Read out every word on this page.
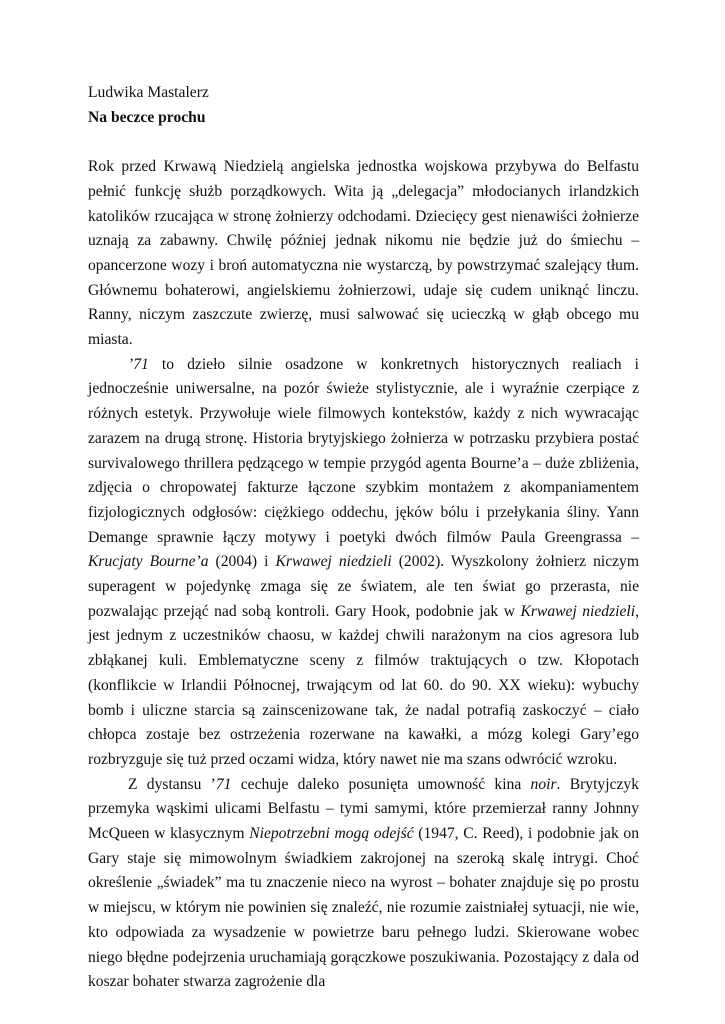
Ludwika Mastalerz

Na beczce prochu

Rok przed Krwawą Niedzielą angielska jednostka wojskowa przybywa do Belfastu pełnić funkcję służb porządkowych. Wita ją „delegacja” młodocianych irlandzkich katolików rzucająca w stronę żołnierzy odchodami. Dziecięcy gest nienawiści żołnierze uznają za zabawny. Chwilę później jednak nikomu nie będzie już do śmiechu – opancerzone wozy i broń automatyczna nie wystarczą, by powstrzymać szalejący tłum. Głównemu bohaterowi, angielskiemu żołnierzowi, udaje się cudem uniknąć linczu. Ranny, niczym zaszczute zwierzę, musi salwować się ucieczką w głąb obcego mu miasta.

’71 to dzieło silnie osadzone w konkretnych historycznych realiach i jednocześnie uniwersalne, na pozór świeże stylistycznie, ale i wyraźnie czerpiące z różnych estetyk. Przywołuje wiele filmowych kontekstów, każdy z nich wywracając zarazem na drugą stronę. Historia brytyjskiego żołnierza w potrzasku przybiera postać survivalowego thrillera pędzącego w tempie przygód agenta Bourne’a – duże zbliżenia, zdjęcia o chropowatej fakturze łączone szybkim montażem z akompaniamentem fizjologicznych odgłosów: ciężkiego oddechu, jęków bólu i przełykania śliny. Yann Demange sprawnie łączy motywy i poetyki dwóch filmów Paula Greengrassa – Krucjaty Bourne’a (2004) i Krwawej niedzieli (2002). Wyszkolony żołnierz niczym superagent w pojedynkę zmaga się ze światem, ale ten świat go przerasta, nie pozwalając przejąć nad sobą kontroli. Gary Hook, podobnie jak w Krwawej niedzieli, jest jednym z uczestników chaosu, w każdej chwili narażonym na cios agresora lub zbłąkanej kuli. Emblematyczne sceny z filmów traktujących o tzw. Kłopotach (konflikcie w Irlandii Północnej, trwającym od lat 60. do 90. XX wieku): wybuchy bomb i uliczne starcia są zainscenizowane tak, że nadal potrafią zaskoczyć – ciało chłopca zostaje bez ostrzeżenia rozerwane na kawałki, a mózg kolegi Gary’ego rozbryzguje się tuż przed oczami widza, który nawet nie ma szans odwrócić wzroku.

Z dystansu ’71 cechuje daleko posunięta umowność kina noir. Brytyjczyk przemyka wąskimi ulicami Belfastu – tymi samymi, które przemierzał ranny Johnny McQueen w klasycznym Niepotrzebni mogą odejść (1947, C. Reed), i podobnie jak on Gary staje się mimowolnym świadkiem zakrojonej na szeroką skalę intrygi. Choć określenie „świadek” ma tu znaczenie nieco na wyrost – bohater znajduje się po prostu w miejscu, w którym nie powinien się znaleźć, nie rozumie zaistniałej sytuacji, nie wie, kto odpowiada za wysadzenie w powietrze baru pełnego ludzi. Skierowane wobec niego błędne podejrzenia uruchamiają gorączkowe poszukiwania. Pozostający z dala od koszar bohater stwarza zagrożenie dla
